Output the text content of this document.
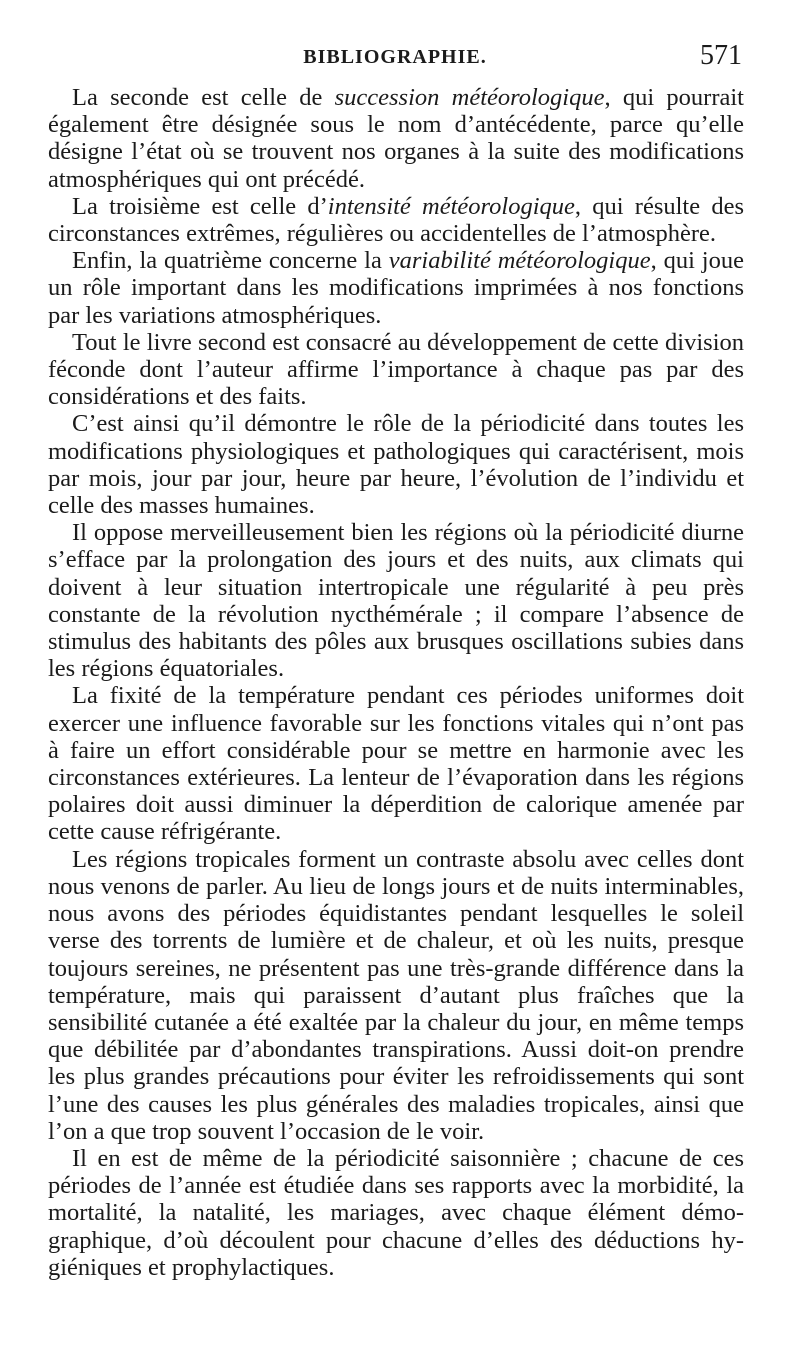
BIBLIOGRAPHIE.	571

La seconde est celle de succession météorologique, qui pourrait également être désignée sous le nom d’antécédente, parce qu’elle désigne l’état où se trouvent nos organes à la suite des modifications atmosphériques qui ont précédé.

La troisième est celle d’intensité météorologique, qui résulte des circonstances extrêmes, régulières ou accidentelles de l’atmosphère.

Enfin, la quatrième concerne la variabilité météorologique, qui joue un rôle important dans les modifications imprimées à nos fonctions par les variations atmosphériques.

Tout le livre second est consacré au développement de cette division féconde dont l’auteur affirme l’importance à chaque pas par des considérations et des faits.

C’est ainsi qu’il démontre le rôle de la périodicité dans toutes les modifications physiologiques et pathologiques qui caractérisent, mois par mois, jour par jour, heure par heure, l’évolution de l’individu et celle des masses humaines.

Il oppose merveilleusement bien les régions où la périodicité diurne s’efface par la prolongation des jours et des nuits, aux climats qui doivent à leur situation intertropicale une régularité à peu près constante de la révolution nycthémérale ; il compare l’absence de stimulus des habitants des pôles aux brusques oscillations subies dans les régions équatoriales.

La fixité de la température pendant ces périodes uniformes doit exercer une influence favorable sur les fonctions vitales qui n’ont pas à faire un effort considérable pour se mettre en harmonie avec les circonstances extérieures. La lenteur de l’évaporation dans les régions polaires doit aussi diminuer la déperdition de calorique amenée par cette cause réfrigérante.

Les régions tropicales forment un contraste absolu avec celles dont nous venons de parler. Au lieu de longs jours et de nuits interminables, nous avons des périodes équidistantes pendant lesquelles le soleil verse des torrents de lumière et de chaleur, et où les nuits, presque toujours sereines, ne présentent pas une très-grande différence dans la température, mais qui paraissent d’autant plus fraîches que la sensibilité cutanée a été exaltée par la chaleur du jour, en même temps que débilitée par d’abondantes transpirations. Aussi doit-on prendre les plus grandes précautions pour éviter les refroidissements qui sont l’une des causes les plus générales des maladies tropicales, ainsi que l’on a que trop souvent l’occasion de le voir.

Il en est de même de la périodicité saisonnière ; chacune de ces périodes de l’année est étudiée dans ses rapports avec la morbidité, la mortalité, la natalité, les mariages, avec chaque élément démographique, d’où découlent pour chacune d’elles des déductions hygiéniques et prophylactiques.
